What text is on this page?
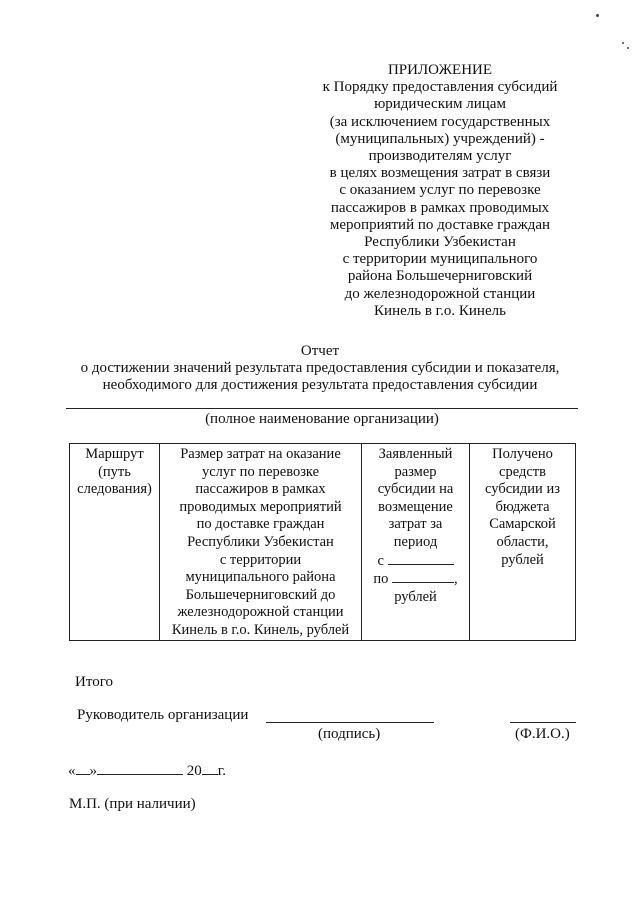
ПРИЛОЖЕНИЕ
к Порядку предоставления субсидий
юридическим лицам
(за исключением государственных
(муниципальных) учреждений) -
производителям услуг
в целях возмещения затрат в связи
с оказанием услуг по перевозке
пассажиров в рамках проводимых
мероприятий по доставке граждан
Республики Узбекистан
с территории муниципального
района Большечерниговский
до железнодорожной станции
Кинель в г.о. Кинель
Отчет
о достижении значений результата предоставления субсидии и показателя,
необходимого для достижения результата предоставления субсидии
(полное наименование организации)
Маршрут
(путь
следования)

Размер затрат на оказание
услуг по перевозке
пассажиров в рамках
проводимых мероприятий
по доставке граждан
Республики Узбекистан
с территории
муниципального района
Большечерниговский до
железнодорожной станции
Кинель в г.о. Кинель, рублей

Заявленный
размер
субсидии на
возмещение
затрат за
период
с
по	,
рублей

Получено
средств
субсидии из
бюджета
Самарской
области,
рублей
Итого
Руководитель организации
(подпись)	(Ф.И.О.)
« »	20 г.
М.П. (при наличии)
